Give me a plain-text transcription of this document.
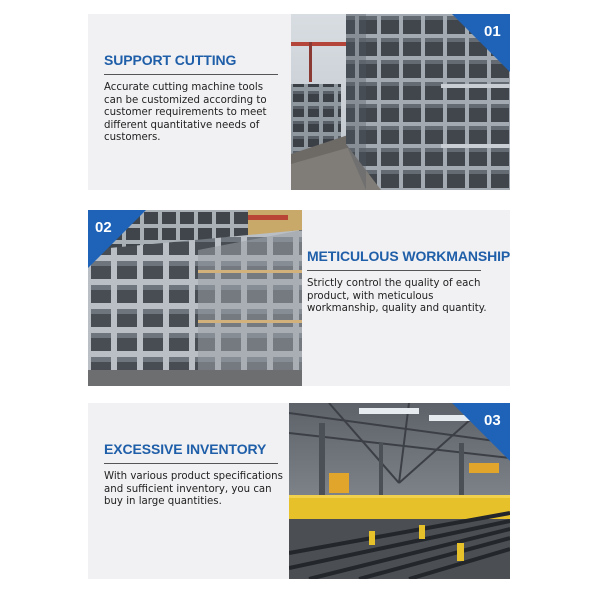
SUPPORT CUTTING
Accurate cutting machine tools can be customized according to customer requirements to meet different quantitative needs of customers.
01
02
METICULOUS WORKMANSHIP
Strictly control the quality of each product, with meticulous workmanship, quality and quantity.
EXCESSIVE INVENTORY
With various product specifications and sufficient inventory, you can buy in large quantities.
03
